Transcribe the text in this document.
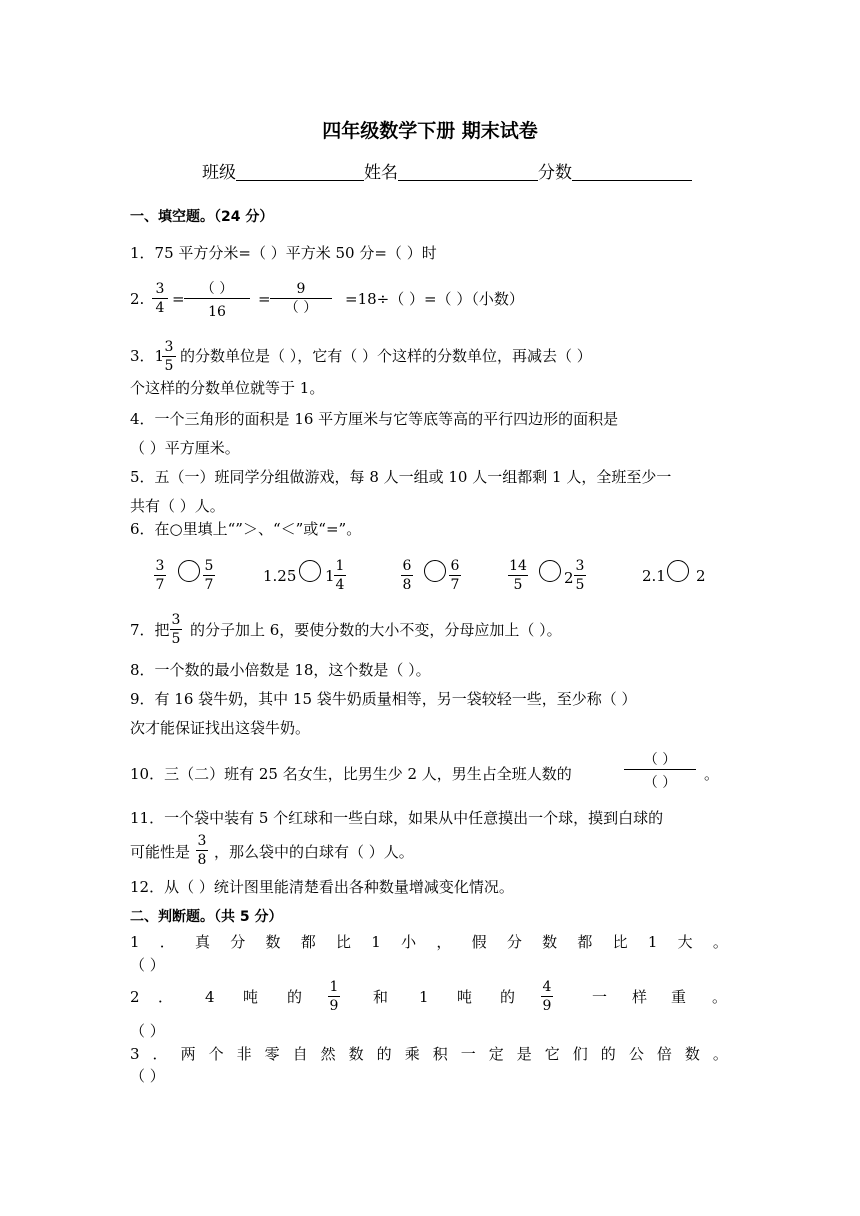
四年级数学下册 期末试卷
班级	姓名	分数
一、填空题。（24 分）
1．75 平方分米=（ ）平方米 50 分=（ ）时
2.
3
4 =
（ ）
16
=
9
（ ）	=18÷（ ）=（ ）（小数）
3．1 3
5
的分数单位是（ ），它有（ ）个这样的分数单位，再减去（ ）
个这样的分数单位就等于 1。
4．一个三角形的面积是 16 平方厘米与它等底等高的平行四边形的面积是
（ ）平方厘米。
5．五（一）班同学分组做游戏，每 8 人一组或 10 人一组都剩 1 人，全班至少一
共有（ ）人。
6．在○里填上“”＞、“＜”或“=”。
3
7
5
7	1.25 1
1
4
6
8
6
7
14
5	2
3
5	2.1 2
7．把
3
5 的分子加上 6，要使分数的大小不变，分母应加上（ ）。
8．一个数的最小倍数是 18，这个数是（ ）。
9．有 16 袋牛奶，其中 15 袋牛奶质量相等，另一袋较轻一些，至少称（ ）
次才能保证找出这袋牛奶。
10．三（二）班有 25 名女生，比男生少 2 人，男生占全班人数的
（ ）
（ ）	。
11．一个袋中装有 5 个红球和一些白球，如果从中任意摸出一个球，摸到白球的
可能性是
3
8 ，那么袋中的白球有（ ）人。
12．从（ ）统计图里能清楚看出各种数量增减变化情况。
二、判断题。（共 5 分）
1 ． 真 分 数 都 比 1 小 ， 假 分 数 都 比 1 大 。
（ ）
2 ． 4 吨 的
1
9 和 1 吨 的
4
9	一 样 重 。
（ ）
3 ． 两 个 非 零 自 然 数 的 乘 积 一 定 是 它 们 的 公 倍 数 。
（ ）
